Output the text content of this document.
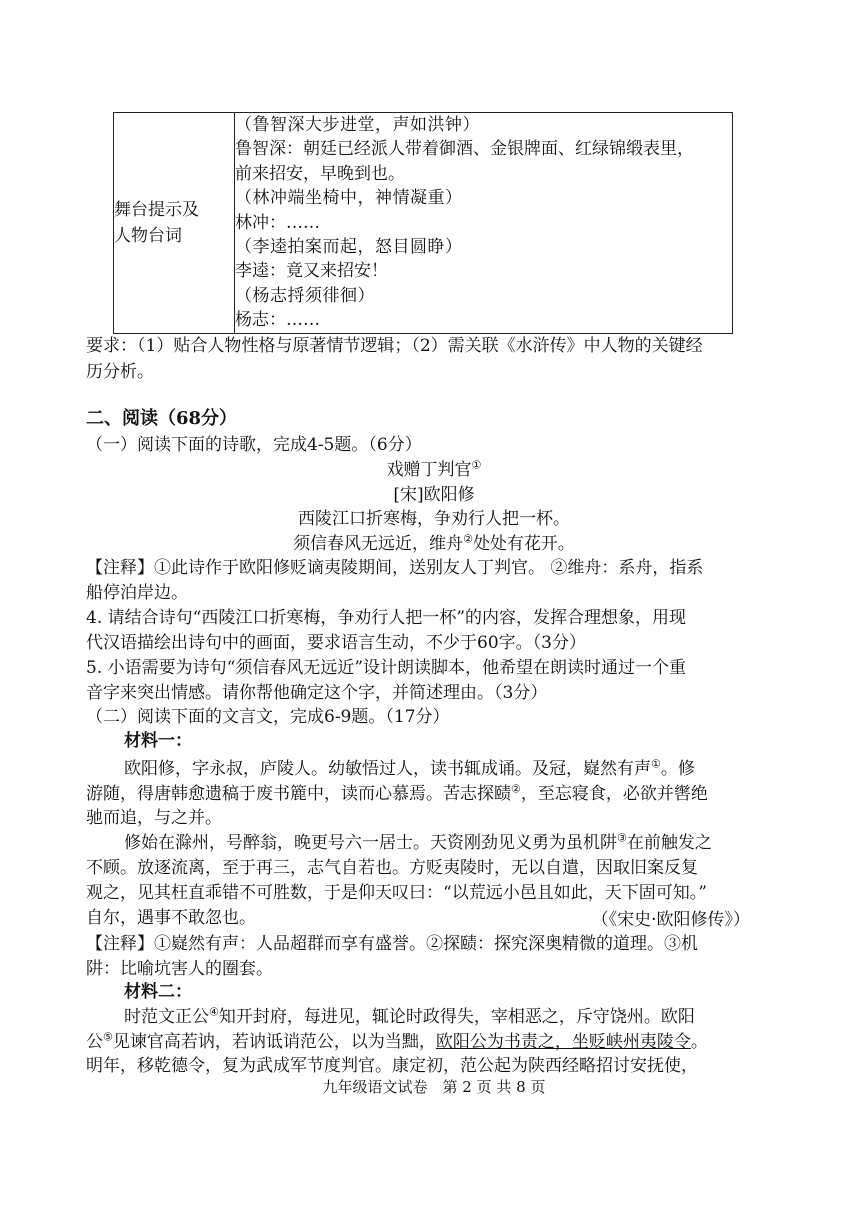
舞台提示及
人物台词

（鲁智深大步进堂，声如洪钟）
鲁智深：朝廷已经派人带着御酒、金银牌面、红绿锦缎表里，
前来招安，早晚到也。
（林冲端坐椅中，神情凝重）
林冲：……
（李逵拍案而起，怒目圆睁）
李逵：竟又来招安！
（杨志捋须徘徊）
杨志：……
要求：（1）贴合人物性格与原著情节逻辑；（2）需关联《水浒传》中人物的关键经
历分析。
二、阅读（68分）
（一）阅读下面的诗歌，完成4-5题。（6分）
戏赠丁判官①
[宋]欧阳修
西陵江口折寒梅，争劝行人把一杯。
须信春风无远近，维舟②处处有花开。
【注释】①此诗作于欧阳修贬谪夷陵期间，送别友人丁判官。 ②维舟：系舟，指系
船停泊岸边。
4. 请结合诗句“西陵江口折寒梅，争劝行人把一杯”的内容，发挥合理想象，用现
代汉语描绘出诗句中的画面，要求语言生动，不少于60字。（3分）
5. 小语需要为诗句“须信春风无远近”设计朗读脚本，他希望在朗读时通过一个重
音字来突出情感。请你帮他确定这个字，并简述理由。（3分）
（二）阅读下面的文言文，完成6-9题。（17分）
材料一：
欧阳修，字永叔，庐陵人。幼敏悟过人，读书辄成诵。及冠，嶷然有声①。修
游随，得唐韩愈遗稿于废书簏中，读而心慕焉。苦志探赜②，至忘寝食，必欲并辔绝
驰而追，与之并。
修始在滁州，号醉翁，晚更号六一居士。天资刚劲见义勇为虽机阱③在前触发之
不顾。放逐流离，至于再三，志气自若也。方贬夷陵时，无以自遣，因取旧案反复
观之，见其枉直乖错不可胜数，于是仰天叹曰：“以荒远小邑且如此，天下固可知。”
自尔，遇事不敢忽也。	（《宋史·欧阳修传》）
【注释】①嶷然有声：人品超群而享有盛誉。②探赜：探究深奥精微的道理。③机
阱：比喻坑害人的圈套。
材料二：
时范文正公④知开封府，每进见，辄论时政得失，宰相恶之，斥守饶州。欧阳
公⑤见谏官高若讷，若讷诋诮范公，以为当黜，欧阳公为书责之，坐贬峡州夷陵令。
明年，移乾德令，复为武成军节度判官。康定初，范公起为陕西经略招讨安抚使，
九年级语文试卷　第 2 页 共 8 页
